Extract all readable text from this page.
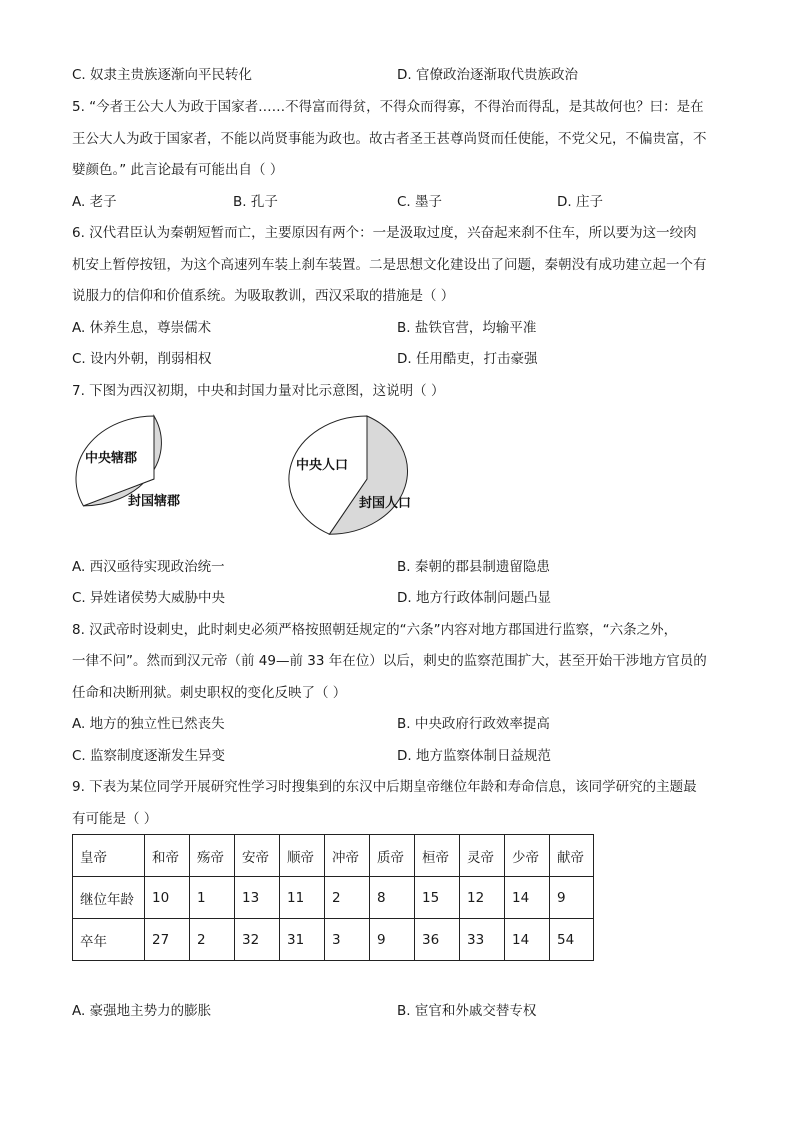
C. 奴隶主贵族逐渐向平民转化	D. 官僚政治逐渐取代贵族政治
5. “今者王公大人为政于国家者……不得富而得贫，不得众而得寡，不得治而得乱，是其故何也？曰：是在
王公大人为政于国家者，不能以尚贤事能为政也。故古者圣王甚尊尚贤而任使能，不党父兄，不偏贵富，不
嬖颜色。” 此言论最有可能出自（ ）
A. 老子	B. 孔子	C. 墨子	D. 庄子
6. 汉代君臣认为秦朝短暂而亡，主要原因有两个：一是汲取过度，兴奋起来刹不住车，所以要为这一绞肉
机安上暂停按钮，为这个高速列车装上刹车装置。二是思想文化建设出了问题，秦朝没有成功建立起一个有
说服力的信仰和价值系统。为吸取教训，西汉采取的措施是（ ）
A. 休养生息，尊崇儒术	B. 盐铁官营，均输平准
C. 设内外朝，削弱相权	D. 任用酷吏，打击豪强
7. 下图为西汉初期，中央和封国力量对比示意图，这说明（ ）
中央辖郡
封国辖郡
中央人口
封国人口
A. 西汉亟待实现政治统一	B. 秦朝的郡县制遗留隐患
C. 异姓诸侯势大威胁中央	D. 地方行政体制问题凸显
8. 汉武帝时设刺史，此时刺史必须严格按照朝廷规定的“六条”内容对地方郡国进行监察，“六条之外，
一律不问”。然而到汉元帝（前 49—前 33 年在位）以后，刺史的监察范围扩大，甚至开始干涉地方官员的
任命和决断刑狱。刺史职权的变化反映了（ ）
A. 地方的独立性已然丧失	B. 中央政府行政效率提高
C. 监察制度逐渐发生异变	D. 地方监察体制日益规范
9. 下表为某位同学开展研究性学习时搜集到的东汉中后期皇帝继位年龄和寿命信息，该同学研究的主题最
有可能是（ ）
皇帝	和帝	殇帝	安帝	顺帝	冲帝	质帝	桓帝	灵帝	少帝	献帝
继位年龄	10	1	13	11	2	8	15	12	14	9
卒年	27	2	32	31	3	9	36	33	14	54
A. 豪强地主势力的膨胀	B. 宦官和外戚交替专权
